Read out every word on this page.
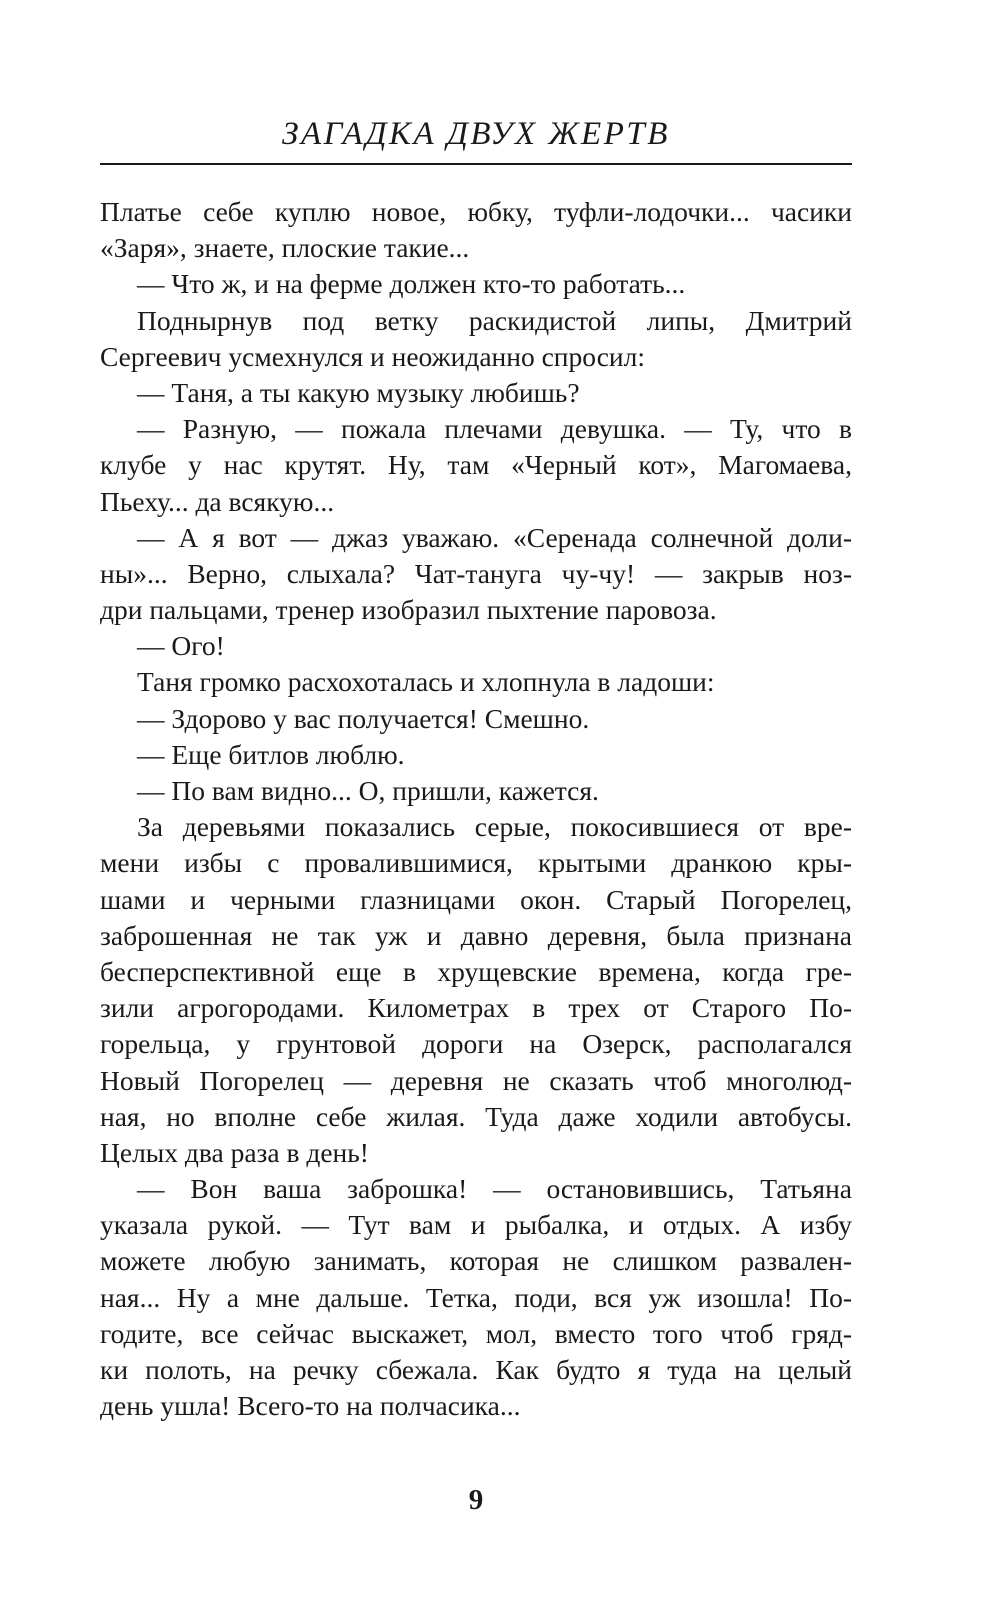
ЗАГАДКА ДВУХ ЖЕРТВ
Платье себе куплю новое, юбку, туфли-лодочки... часики
«Заря», знаете, плоские такие...
— Что ж, и на ферме должен кто-то работать...
Поднырнув под ветку раскидистой липы, Дмитрий
Сергеевич усмехнулся и неожиданно спросил:
— Таня, а ты какую музыку любишь?
— Разную, — пожала плечами девушка. — Ту, что в
клубе у нас крутят. Ну, там «Черный кот», Магомаева,
Пьеху... да всякую...
— А я вот — джаз уважаю. «Серенада солнечной доли-
ны»... Верно, слыхала? Чат-тануга чу-чу! — закрыв ноз-
дри пальцами, тренер изобразил пыхтение паровоза.
— Ого!
Таня громко расхохоталась и хлопнула в ладоши:
— Здорово у вас получается! Смешно.
— Еще битлов люблю.
— По вам видно... О, пришли, кажется.
За деревьями показались серые, покосившиеся от вре-
мени избы с провалившимися, крытыми дранкою кры-
шами и черными глазницами окон. Старый Погорелец,
заброшенная не так уж и давно деревня, была признана
бесперспективной еще в хрущевские времена, когда гре-
зили агрогородами. Километрах в трех от Старого По-
горельца, у грунтовой дороги на Озерск, располагался
Новый Погорелец — деревня не сказать чтоб многолюд-
ная, но вполне себе жилая. Туда даже ходили автобусы.
Целых два раза в день!
— Вон ваша заброшка! — остановившись, Татьяна
указала рукой. — Тут вам и рыбалка, и отдых. А избу
можете любую занимать, которая не слишком развален-
ная... Ну а мне дальше. Тетка, поди, вся уж изошла! По-
годите, все сейчас выскажет, мол, вместо того чтоб гряд-
ки полоть, на речку сбежала. Как будто я туда на целый
день ушла! Всего-то на полчасика...
9
